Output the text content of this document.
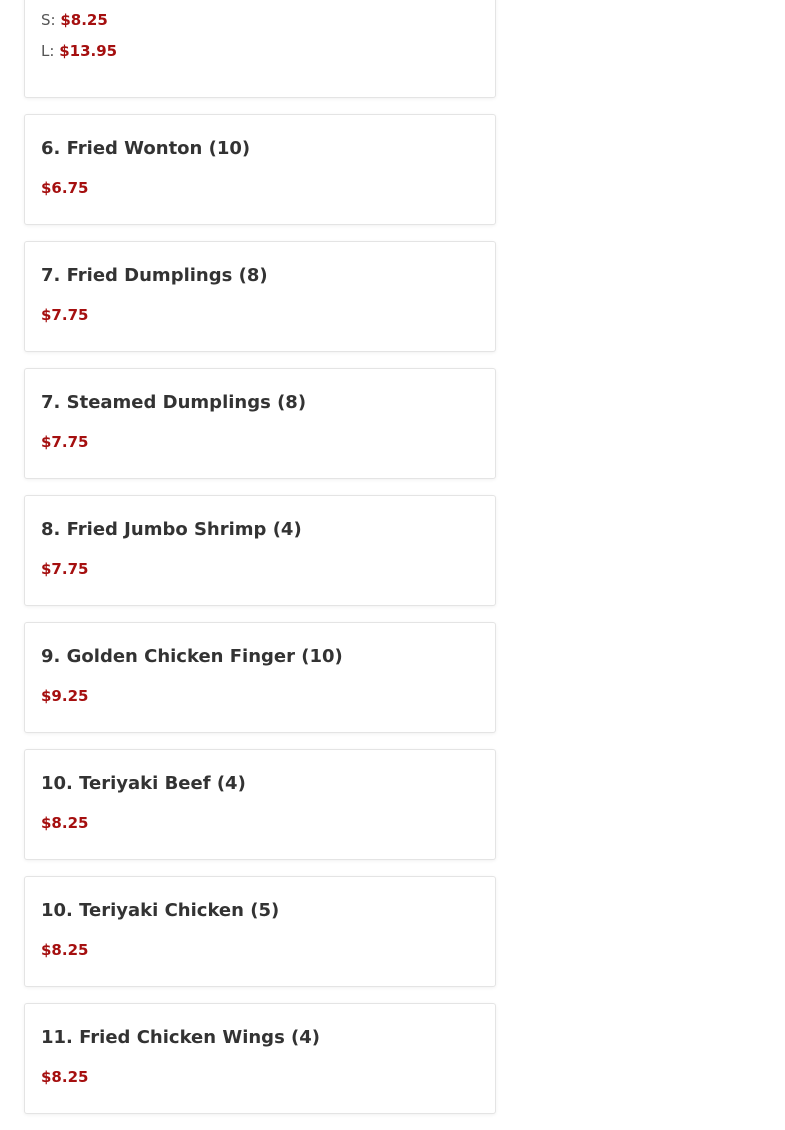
S: $8.25
L: $13.95
6. Fried Wonton (10)
$6.75
7. Fried Dumplings (8)
$7.75
7. Steamed Dumplings (8)
$7.75
8. Fried Jumbo Shrimp (4)
$7.75
9. Golden Chicken Finger (10)
$9.25
10. Teriyaki Beef (4)
$8.25
10. Teriyaki Chicken (5)
$8.25
11. Fried Chicken Wings (4)
$8.25
